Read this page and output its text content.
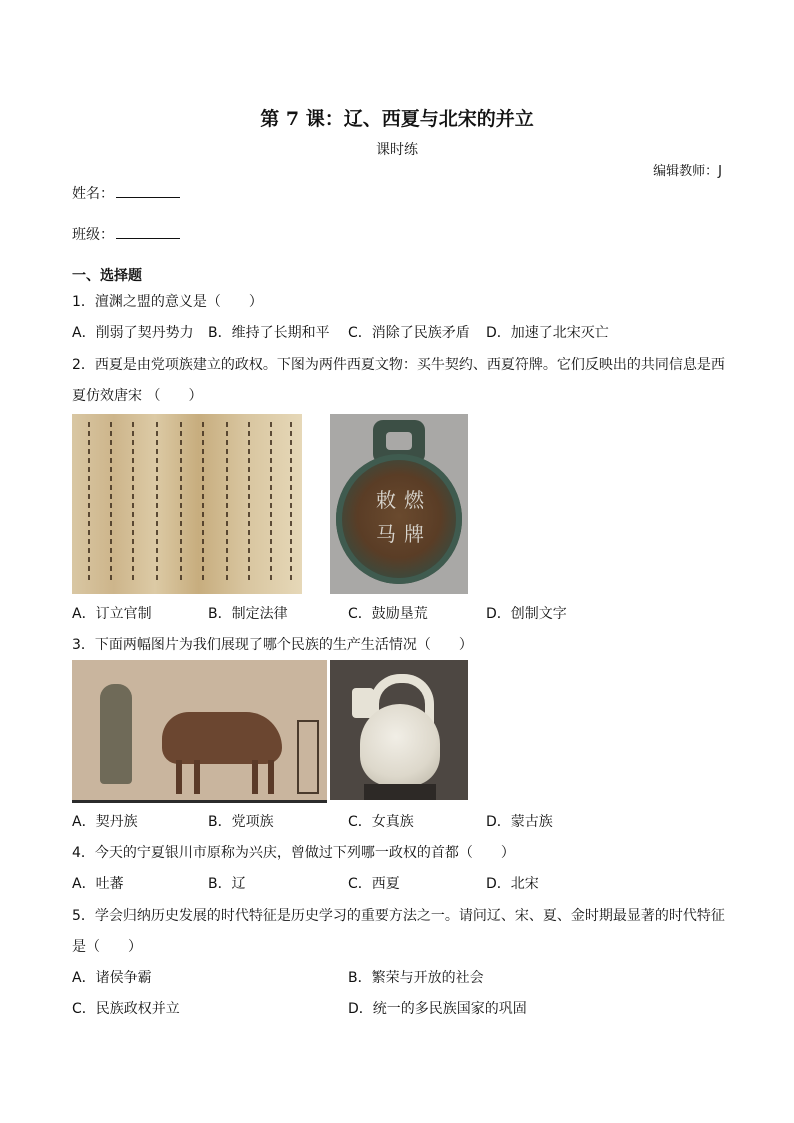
第 7 课：辽、西夏与北宋的并立
课时练
编辑教师：J
姓名：
班级：
一、选择题
1．澶渊之盟的意义是（　　）
A．削弱了契丹势力 B．维持了长期和平 C．消除了民族矛盾 D．加速了北宋灭亡
2．西夏是由党项族建立的政权。下图为两件西夏文物：买牛契约、西夏符牌。它们反映出的共同信息是西
夏仿效唐宋 （　　）
敕 燃
马 牌
A．订立官制	B．制定法律	C．鼓励垦荒	D．创制文字
3．下面两幅图片为我们展现了哪个民族的生产生活情况（　　）
A．契丹族	B．党项族	C．女真族	D．蒙古族
4．今天的宁夏银川市原称为兴庆，曾做过下列哪一政权的首都（　　）
A．吐蕃	B．辽	C．西夏	D．北宋
5．学会归纳历史发展的时代特征是历史学习的重要方法之一。请问辽、宋、夏、金时期最显著的时代特征
是（　　）
A．诸侯争霸	B．繁荣与开放的社会
C．民族政权并立	D．统一的多民族国家的巩固
